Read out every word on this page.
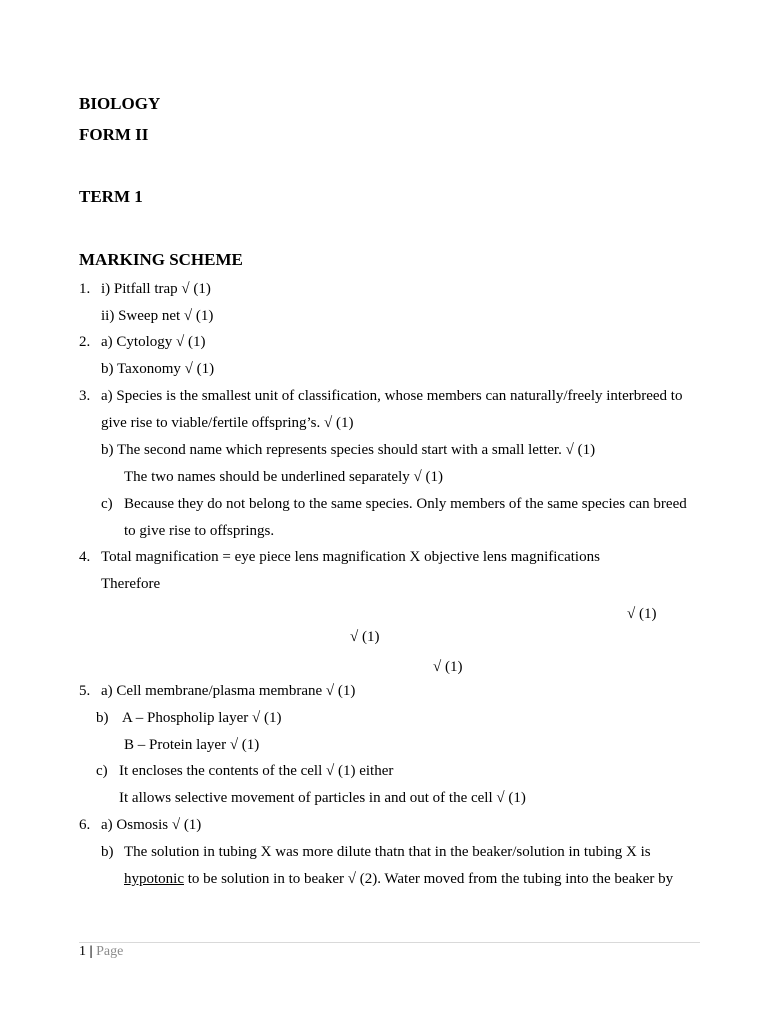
BIOLOGY
FORM II
TERM 1
MARKING SCHEME
1. i) Pitfall trap √ (1)
ii) Sweep net √ (1)
2. a) Cytology √ (1)
b) Taxonomy √ (1)
3. a) Species is the smallest unit of classification, whose members can naturally/freely interbreed to
give rise to viable/fertile offspring’s. √ (1)
b) The second name which represents species should start with a small letter. √ (1)
The two names should be underlined separately √ (1)
c) Because they do not belong to the same species. Only members of the same species can breed
to give rise to offsprings.
4. Total magnification = eye piece lens magnification X objective lens magnifications
Therefore
√ (1)
√ (1)
√ (1)
5. a) Cell membrane/plasma membrane √ (1)
b) A – Phospholip layer √ (1)
B – Protein layer √ (1)
c) It encloses the contents of the cell √ (1) either
It allows selective movement of particles in and out of the cell √ (1)
6. a) Osmosis √ (1)
b) The solution in tubing X was more dilute thatn that in the beaker/solution in tubing X is
hypotonic to be solution in to beaker √ (2). Water moved from the tubing into the beaker by
1 | Page
